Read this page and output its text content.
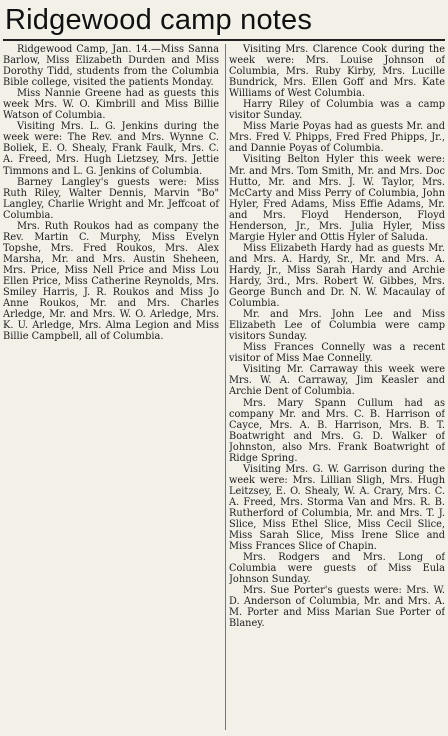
Ridgewood camp notes

Ridgewood Camp, Jan. 14.—Miss Sanna Barlow, Miss Elizabeth Durden and Miss Dorothy Tidd, students from the Columbia Bible college, visited the patients Monday.

Miss Nannie Greene had as guests this week Mrs. W. O. Kimbrill and Miss Billie Watson of Columbia.

Visiting Mrs. L. G. Jenkins during the week were: The Rev. and Mrs. Wynne C. Boliek, E. O. Shealy, Frank Faulk, Mrs. C. A. Freed, Mrs. Hugh Lietzsey, Mrs. Jettie Timmons and L. G. Jenkins of Columbia.

Barney Langley's guests were: Miss Ruth Riley, Walter Dennis, Marvin "Bo" Langley, Charlie Wright and Mr. Jeffcoat of Columbia.

Mrs. Ruth Roukos had as company the Rev. Martin C. Murphy, Miss Evelyn Topshe, Mrs. Fred Roukos, Mrs. Alex Marsha, Mr. and Mrs. Austin Sheheen, Mrs. Price, Miss Nell Price and Miss Lou Ellen Price, Miss Catherine Reynolds, Mrs. Smiley Harris, J. R. Roukos and Miss Jo Anne Roukos, Mr. and Mrs. Charles Arledge, Mr. and Mrs. W. O. Arledge, Mrs. K. U. Arledge, Mrs. Alma Legion and Miss Billie Campbell, all of Columbia.

Visiting Mrs. Clarence Cook during the week were: Mrs. Louise Johnson of Columbia, Mrs. Ruby Kirby, Mrs. Lucille Bundrick, Mrs. Ellen Goff and Mrs. Kate Williams of West Columbia.

Harry Riley of Columbia was a camp visitor Sunday.

Miss Marie Poyas had as guests Mr. and Mrs. Fred V. Phipps, Fred Fred Phipps, Jr., and Dannie Poyas of Columbia.

Visiting Belton Hyler this week were: Mr. and Mrs. Tom Smith, Mr. and Mrs. Doc Hutto, Mr. and Mrs. J. W. Taylor, Mrs. McCarty and Miss Perry of Columbia, John Hyler, Fred Adams, Miss Effie Adams, Mr. and Mrs. Floyd Henderson, Floyd Henderson, Jr., Mrs. Julia Hyler, Miss Margie Hyler and Ottis Hyler of Saluda.

Miss Elizabeth Hardy had as guests Mr. and Mrs. A. Hardy, Sr., Mr. and Mrs. A. Hardy, Jr., Miss Sarah Hardy and Archie Hardy, 3rd., Mrs. Robert W. Gibbes, Mrs. George Bunch and Dr. N. W. Macaulay of Columbia.

Mr. and Mrs. John Lee and Miss Elizabeth Lee of Columbia were camp visitors Sunday.

Miss Frances Connelly was a recent visitor of Miss Mae Connelly.

Visiting Mr. Carraway this week were Mrs. W. A. Carraway, Jim Keasler and Archie Dent of Columbia.

Mrs. Mary Spann Cullum had as company Mr. and Mrs. C. B. Harrison of Cayce, Mrs. A. B. Harrison, Mrs. B. T. Boatwright and Mrs. G. D. Walker of Johnston, also Mrs. Frank Boatwright of Ridge Spring.

Visiting Mrs. G. W. Garrison during the week were: Mrs. Lillian Sligh, Mrs. Hugh Leitzsey, E. O. Shealy, W. A. Crary, Mrs. C. A. Freed, Mrs. Storma Van and Mrs. R. B. Rutherford of Columbia, Mr. and Mrs. T. J. Slice, Miss Ethel Slice, Miss Cecil Slice, Miss Sarah Slice, Miss Irene Slice and Miss Frances Slice of Chapin.

Mrs. Rodgers and Mrs. Long of Columbia were guests of Miss Eula Johnson Sunday.

Mrs. Sue Porter's guests were: Mrs. W. D. Anderson of Columbia, Mr. and Mrs. A. M. Porter and Miss Marian Sue Porter of Blaney.
